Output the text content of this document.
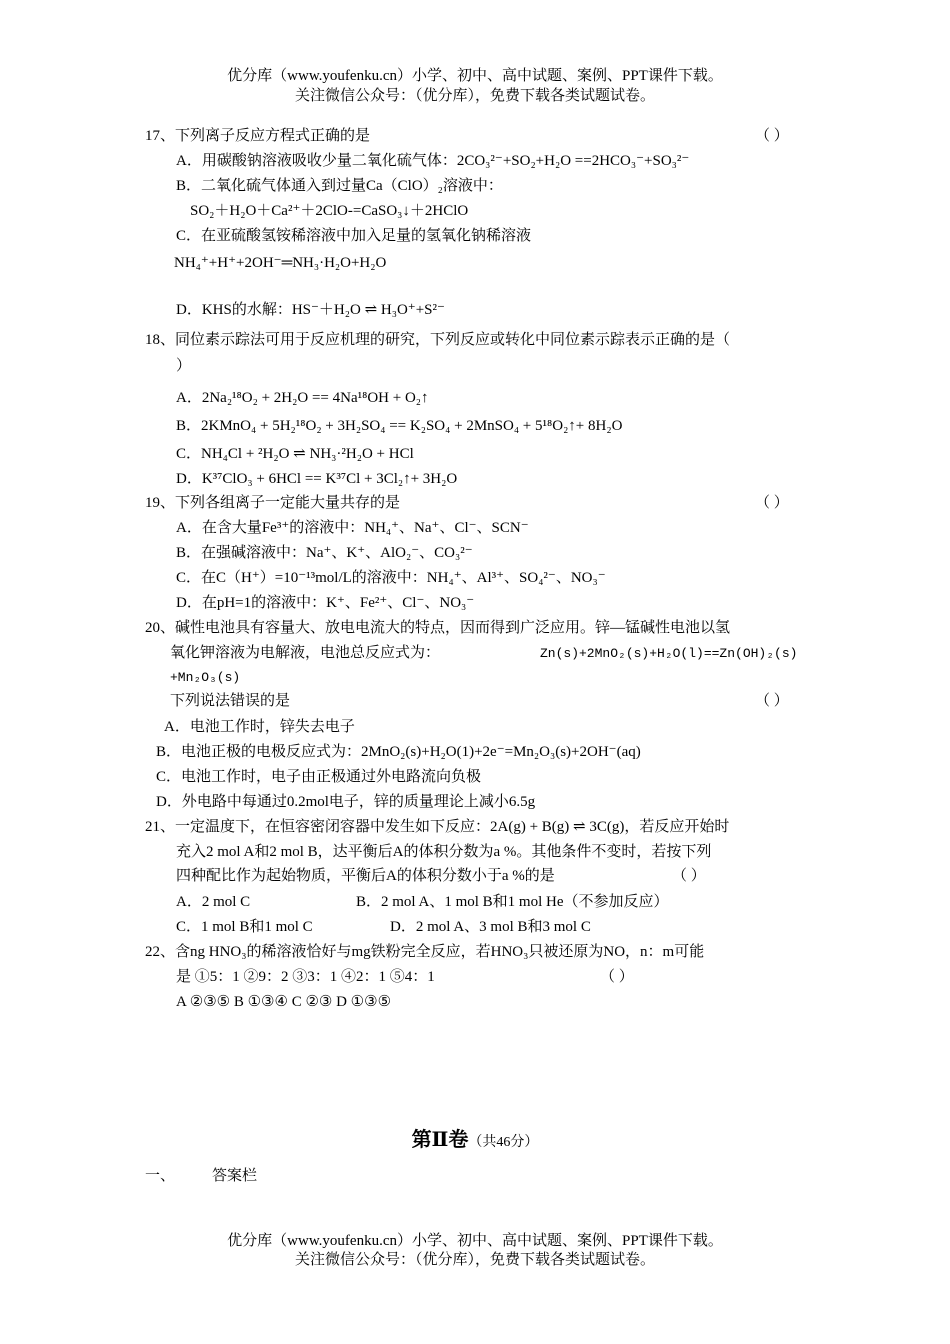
优分库（www.youfenku.cn）小学、初中、高中试题、案例、PPT课件下载。
关注微信公众号：（优分库），免费下载各类试题试卷。
17、下列离子反应方程式正确的是	（ ）
A．用碳酸钠溶液吸收少量二氧化硫气体：2CO₃²⁻+SO₂+H₂O ==2HCO₃⁻+SO₃²⁻
B．二氧化硫气体通入到过量Ca（ClO）₂溶液中：
SO₂＋H₂O＋Ca²⁺＋2ClO-=CaSO₃↓＋2HClO
C．在亚硫酸氢铵稀溶液中加入足量的氢氧化钠稀溶液
NH₄⁺+H⁺+2OH⁻═NH₃·H₂O+H₂O
D．KHS的水解：HS⁻＋H₂O ⇌ H₃O⁺+S²⁻
18、同位素示踪法可用于反应机理的研究，下列反应或转化中同位素示踪表示正确的是（
）
A．2Na₂¹⁸O₂ + 2H₂O == 4Na¹⁸OH + O₂↑
B．2KMnO₄ + 5H₂¹⁸O₂ + 3H₂SO₄ == K₂SO₄ + 2MnSO₄ + 5¹⁸O₂↑+ 8H₂O
C．NH₄Cl + ²H₂O ⇌ NH₃·²H₂O + HCl
D．K³⁷ClO₃ + 6HCl == K³⁷Cl + 3Cl₂↑+ 3H₂O
19、下列各组离子一定能大量共存的是	（ ）
A．在含大量Fe³⁺的溶液中：NH₄⁺、Na⁺、Cl⁻、SCN⁻
B．在强碱溶液中：Na⁺、K⁺、AlO₂⁻、CO₃²⁻
C．在C（H⁺）=10⁻¹³mol/L的溶液中：NH₄⁺、Al³⁺、SO₄²⁻、NO₃⁻
D．在pH=1的溶液中：K⁺、Fe²⁺、Cl⁻、NO₃⁻
20、碱性电池具有容量大、放电电流大的特点，因而得到广泛应用。锌—锰碱性电池以氢
氧化钾溶液为电解液，电池总反应式为：	Zn(s)+2MnO₂(s)+H₂O(l)==Zn(OH)₂(s)
+Mn₂O₃(s)
下列说法错误的是	（ ）
A．电池工作时，锌失去电子
B．电池正极的电极反应式为：2MnO₂(s)+H₂O(1)+2e⁻=Mn₂O₃(s)+2OH⁻(aq)
C．电池工作时，电子由正极通过外电路流向负极
D．外电路中每通过0.2mol电子，锌的质量理论上减小6.5g
21、一定温度下，在恒容密闭容器中发生如下反应：2A(g) + B(g) ⇌ 3C(g)，若反应开始时
充入2 mol A和2 mol B，达平衡后A的体积分数为a %。其他条件不变时，若按下列
四种配比作为起始物质，平衡后A的体积分数小于a %的是	（ ）
A．2 mol C	B．2 mol A、1 mol B和1 mol He（不参加反应）
C．1 mol B和1 mol C	D．2 mol A、3 mol B和3 mol C
22、含ng HNO₃的稀溶液恰好与mg铁粉完全反应，若HNO₃只被还原为NO，n：m可能
是 ①5：1 ②9：2 ③3：1 ④2：1 ⑤4：1	（ ）
A ②③⑤ B ①③④ C ②③ D ①③⑤
第Ⅱ卷（共46分）
一、 答案栏
优分库（www.youfenku.cn）小学、初中、高中试题、案例、PPT课件下载。
关注微信公众号：（优分库），免费下载各类试题试卷。
